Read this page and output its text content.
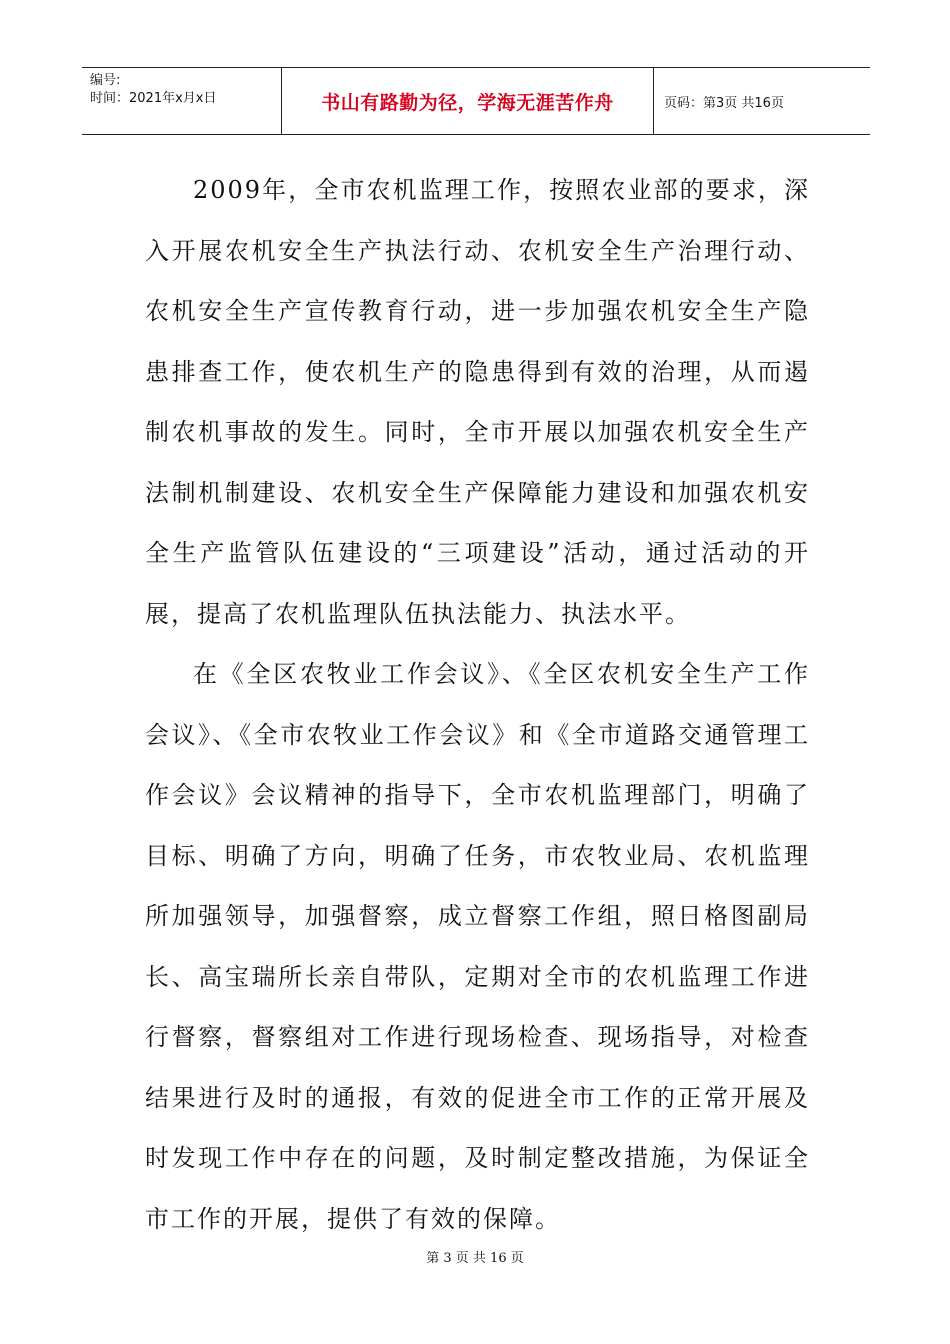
编号:
时间：2021年x月x日	书山有路勤为径，学海无涯苦作舟	页码：第3页 共16页

2009年，全市农机监理工作，按照农业部的要求，深入开展农机安全生产执法行动、农机安全生产治理行动、农机安全生产宣传教育行动，进一步加强农机安全生产隐患排查工作，使农机生产的隐患得到有效的治理，从而遏制农机事故的发生。同时，全市开展以加强农机安全生产法制机制建设、农机安全生产保障能力建设和加强农机安全生产监管队伍建设的“三项建设”活动，通过活动的开展，提高了农机监理队伍执法能力、执法水平。

在《全区农牧业工作会议》、《全区农机安全生产工作会议》、《全市农牧业工作会议》和《全市道路交通管理工作会议》会议精神的指导下，全市农机监理部门，明确了目标、明确了方向，明确了任务，市农牧业局、农机监理所加强领导，加强督察，成立督察工作组，照日格图副局长、高宝瑞所长亲自带队，定期对全市的农机监理工作进行督察，督察组对工作进行现场检查、现场指导，对检查结果进行及时的通报，有效的促进全市工作的正常开展及时发现工作中存在的问题，及时制定整改措施，为保证全市工作的开展，提供了有效的保障。

第 3 页 共 16 页
